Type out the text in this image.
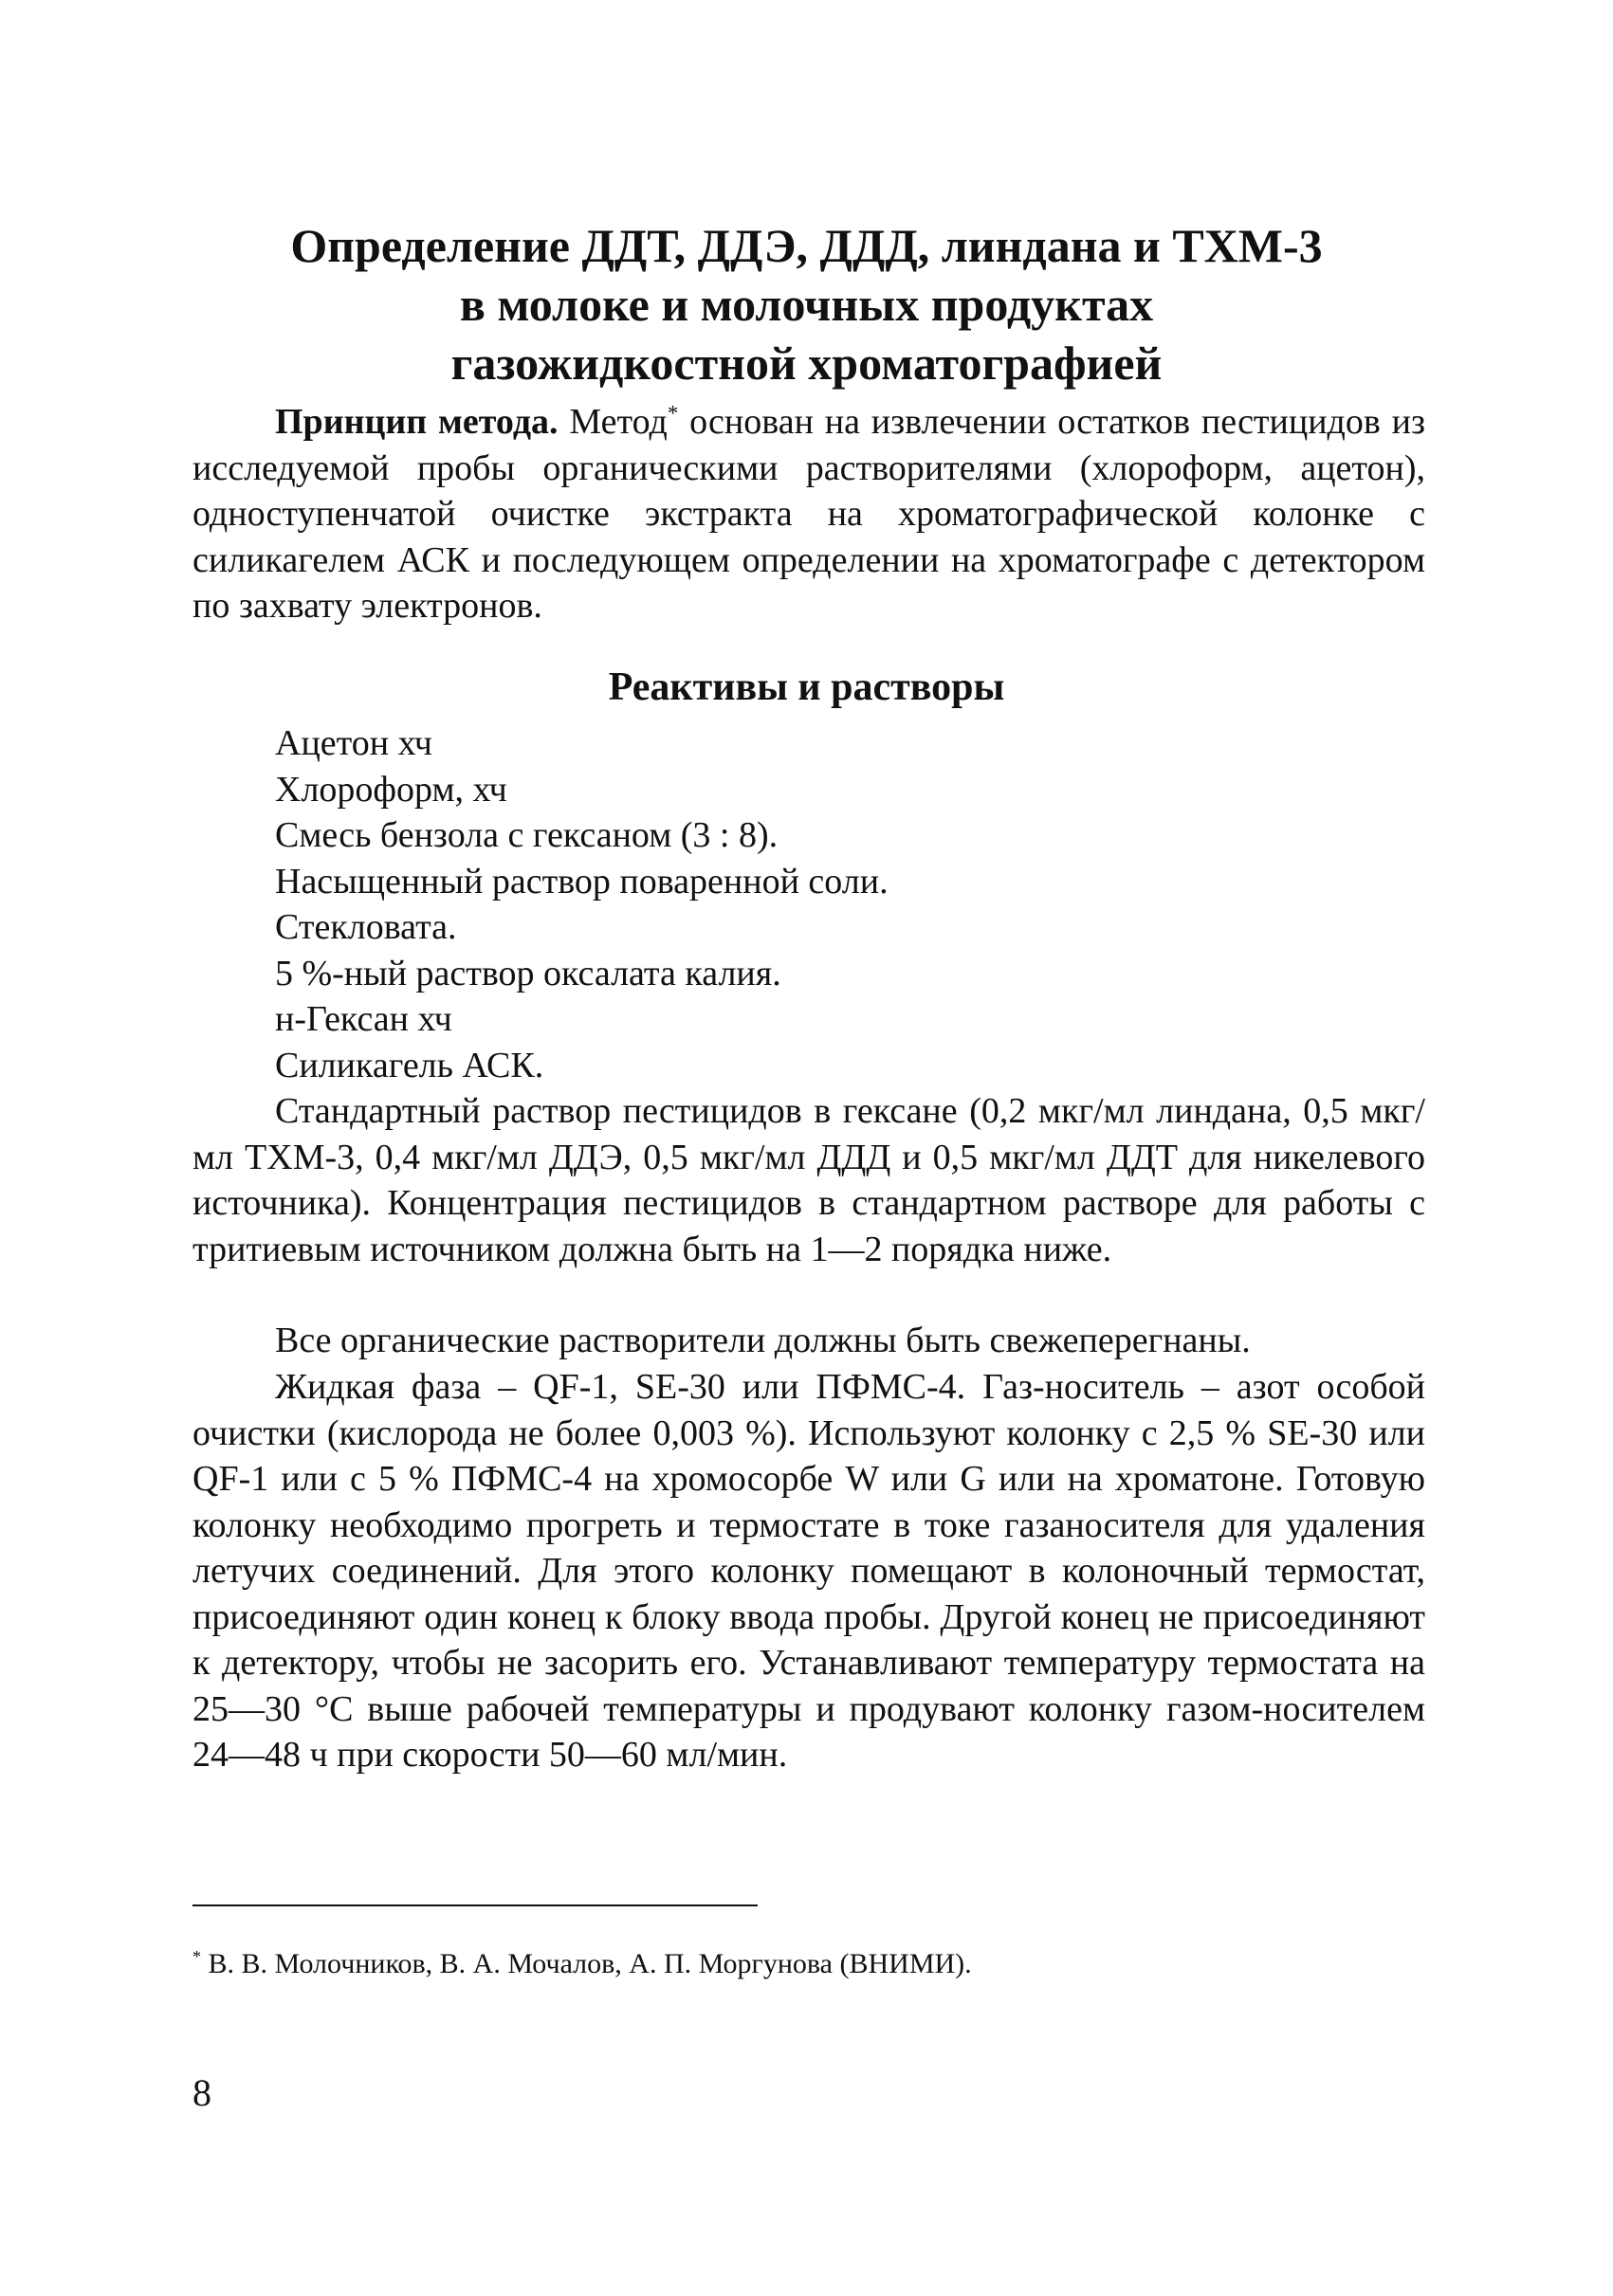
Определение ДДТ, ДДЭ, ДДД, линдана и ТХМ-3
в молоке и молочных продуктах
газожидкостной хроматографией

Принцип метода. Метод* основан на извлечении остатков пестицидов из исследуемой пробы органическими растворителями (хлороформ, ацетон), одноступенчатой очистке экстракта на хроматографической колонке с силикагелем АСК и последующем определении на хроматографе с детектором по захвату электронов.

Реактивы и растворы
Ацетон хч
Хлороформ, хч
Смесь бензола с гексаном (3 : 8).
Насыщенный раствор поваренной соли.
Стекловата.
5 %-ный раствор оксалата калия.
н-Гексан хч
Силикагель АСК.

Стандартный раствор пестицидов в гексане (0,2 мкг/мл линдана, 0,5 мкг/мл ТХМ-3, 0,4 мкг/мл ДДЭ, 0,5 мкг/мл ДДД и 0,5 мкг/мл ДДТ для никелевого источника). Концентрация пестицидов в стандартном растворе для работы с тритиевым источником должна быть на 1—2 порядка ниже.

Все органические растворители должны быть свежеперегнаны.

Жидкая фаза – QF-1, SE-30 или ПФМС-4. Газ-носитель – азот особой очистки (кислорода не более 0,003 %). Используют колонку с 2,5 % SE-30 или QF-1 или с 5 % ПФМС-4 на хромосорбе W или G или на хроматоне. Готовую колонку необходимо прогреть и термостате в токе газаносителя для удаления летучих соединений. Для этого колонку помещают в колоночный термостат, присоединяют один конец к блоку ввода пробы. Другой конец не присоединяют к детектору, чтобы не засорить его. Устанавливают температуру термостата на 25—30 °С выше рабочей температуры и продувают колонку газом-носителем 24—48 ч при скорости 50—60 мл/мин.

* В. В. Молочников, В. А. Мочалов, А. П. Моргунова (ВНИМИ).
8
